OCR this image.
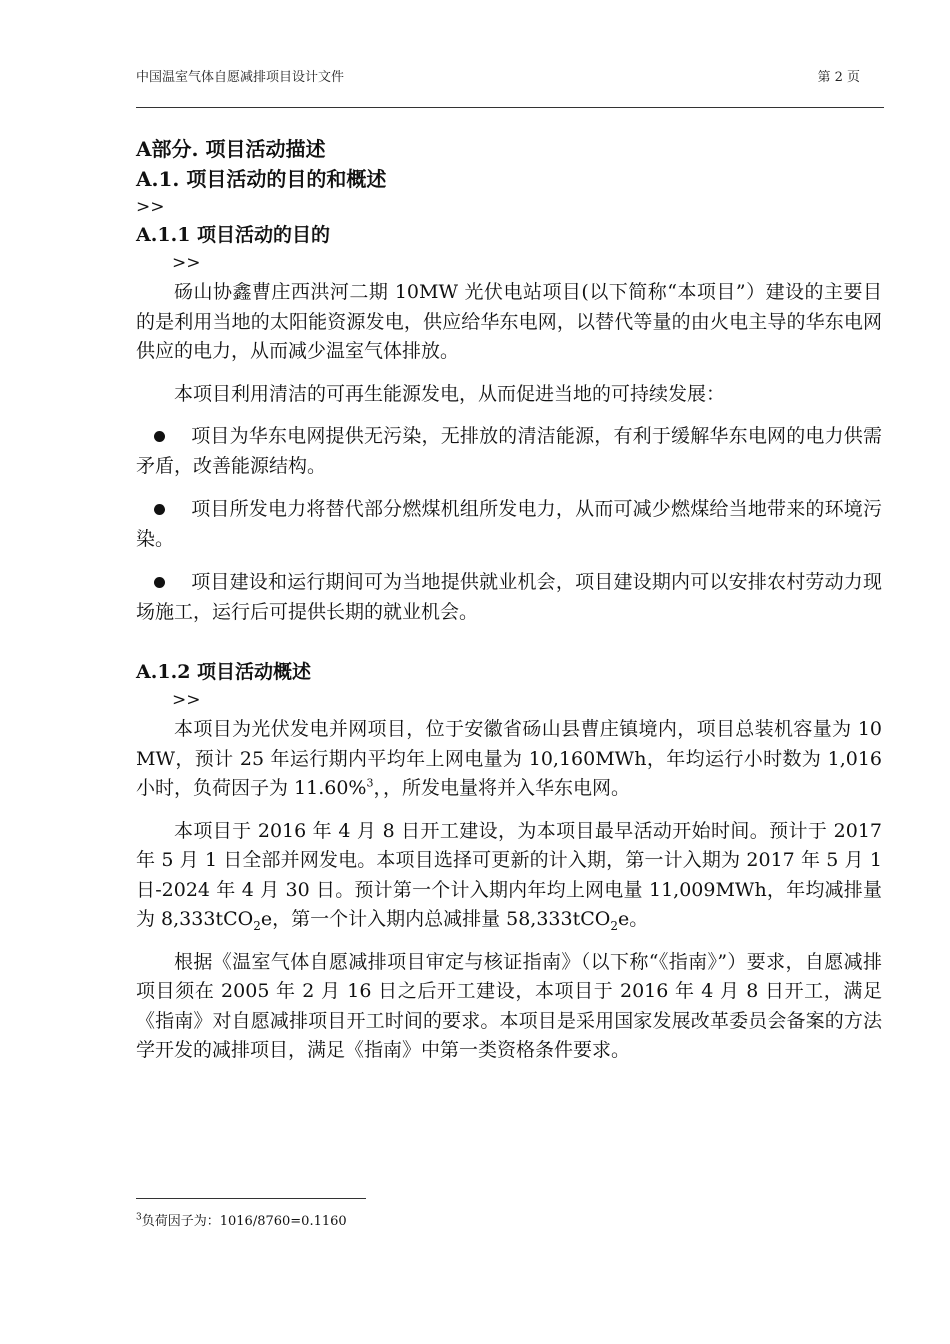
中国温室气体自愿减排项目设计文件	第 2 页
A部分. 项目活动描述
A.1. 项目活动的目的和概述
>>
A.1.1 项目活动的目的
>>

砀山协鑫曹庄西洪河二期 10MW 光伏电站项目(以下简称“本项目”）建设的主要目的是利用当地的太阳能资源发电，供应给华东电网，以替代等量的由火电主导的华东电网供应的电力，从而减少温室气体排放。

本项目利用清洁的可再生能源发电，从而促进当地的可持续发展：

项目为华东电网提供无污染，无排放的清洁能源，有利于缓解华东电网的电力供需矛盾，改善能源结构。

项目所发电力将替代部分燃煤机组所发电力，从而可减少燃煤给当地带来的环境污染。

项目建设和运行期间可为当地提供就业机会，项目建设期内可以安排农村劳动力现场施工，运行后可提供长期的就业机会。

A.1.2 项目活动概述
>>

本项目为光伏发电并网项目，位于安徽省砀山县曹庄镇境内，项目总装机容量为 10 MW，预计 25 年运行期内平均年上网电量为 10,160MWh，年均运行小时数为 1,016 小时，负荷因子为 11.60%$^3$，，所发电量将并入华东电网。

本项目于 2016 年 4 月 8 日开工建设，为本项目最早活动开始时间。预计于 2017 年 5 月 1 日全部并网发电。本项目选择可更新的计入期，第一计入期为 2017 年 5 月 1 日-2024 年 4 月 30 日。预计第一个计入期内年均上网电量 11,009MWh，年均减排量为 8,333tCO$_2$e，第一个计入期内总减排量 58,333tCO$_2$e。

根据《温室气体自愿减排项目审定与核证指南》（以下称“《指南》”）要求，自愿减排项目须在 2005 年 2 月 16 日之后开工建设，本项目于 2016 年 4 月 8 日开工，满足《指南》对自愿减排项目开工时间的要求。本项目是采用国家发展改革委员会备案的方法学开发的减排项目，满足《指南》中第一类资格条件要求。

$^3$负荷因子为：1016/8760=0.1160
